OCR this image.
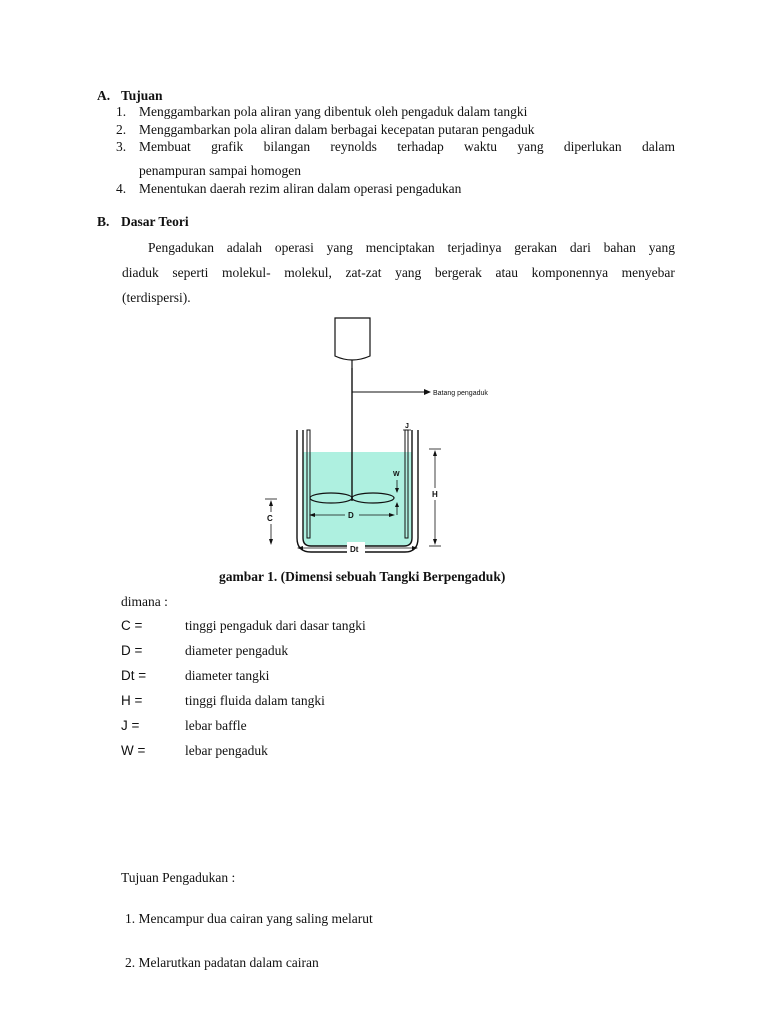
A. Tujuan
1. Menggambarkan pola aliran yang dibentuk oleh pengaduk dalam tangki
2. Menggambarkan pola aliran dalam berbagai kecepatan putaran pengaduk
3. Membuat grafik bilangan reynolds terhadap waktu yang diperlukan dalam
penampuran sampai homogen
4. Menentukan daerah rezim aliran dalam operasi pengadukan
B. Dasar Teori
Pengadukan adalah operasi yang menciptakan terjadinya gerakan dari bahan yang
diaduk seperti molekul- molekul, zat-zat yang bergerak atau komponennya menyebar
(terdispersi).
Batang pengaduk
J
W
H
C	D
Dt
gambar 1. (Dimensi sebuah Tangki Berpengaduk)
dimana :
C =	tinggi pengaduk dari dasar tangki
D =	diameter pengaduk
Dt =	diameter tangki
H =	tinggi fluida dalam tangki
J =	lebar baffle
W =	lebar pengaduk
Tujuan Pengadukan :
1. Mencampur dua cairan yang saling melarut
2. Melarutkan padatan dalam cairan
